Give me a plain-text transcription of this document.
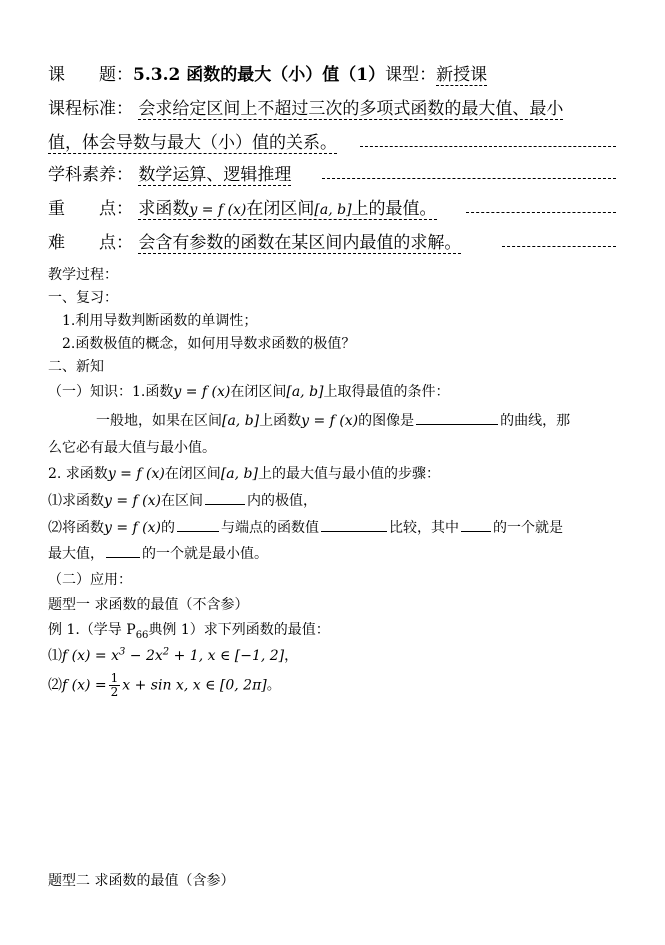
课　　题：5.3.2 函数的最大（小）值（1）课型：新授课
课程标准： 会求给定区间上不超过三次的多项式函数的最大值、最小
值，体会导数与最大（小）值的关系。
学科素养： 数学运算、逻辑推理
重　　点： 求函数y = f (x)在闭区间[a, b]上的最值。
难　　点： 会含有参数的函数在某区间内最值的求解。
教学过程：
一、复习：
1.利用导数判断函数的单调性；
2.函数极值的概念，如何用导数求函数的极值？
二、新知
（一）知识：1.函数y = f (x)在闭区间[a, b]上取得最值的条件：
一般地，如果在区间[a, b]上函数y = f (x)的图像是	的曲线，那
么它必有最大值与最小值。
2. 求函数y = f (x)在闭区间[a, b]上的最大值与最小值的步骤：
⑴求函数y = f (x)在区间	内的极值，
⑵将函数y = f (x)的	与端点的函数值	比较，其中 的一个就是
最大值，	的一个就是最小值。
（二）应用：
题型一 求函数的最值（不含参）
例 1.（学导 $P_{66}$典例 1）求下列函数的最值：
⑴f $(x) = x^3 - 2x^2 + 1$, x ∈ [−1, 2]，
⑵f $(x) = \frac{1}{2}$ x + sin x, x ∈ [0, 2π]。
题型二 求函数的最值（含参）
